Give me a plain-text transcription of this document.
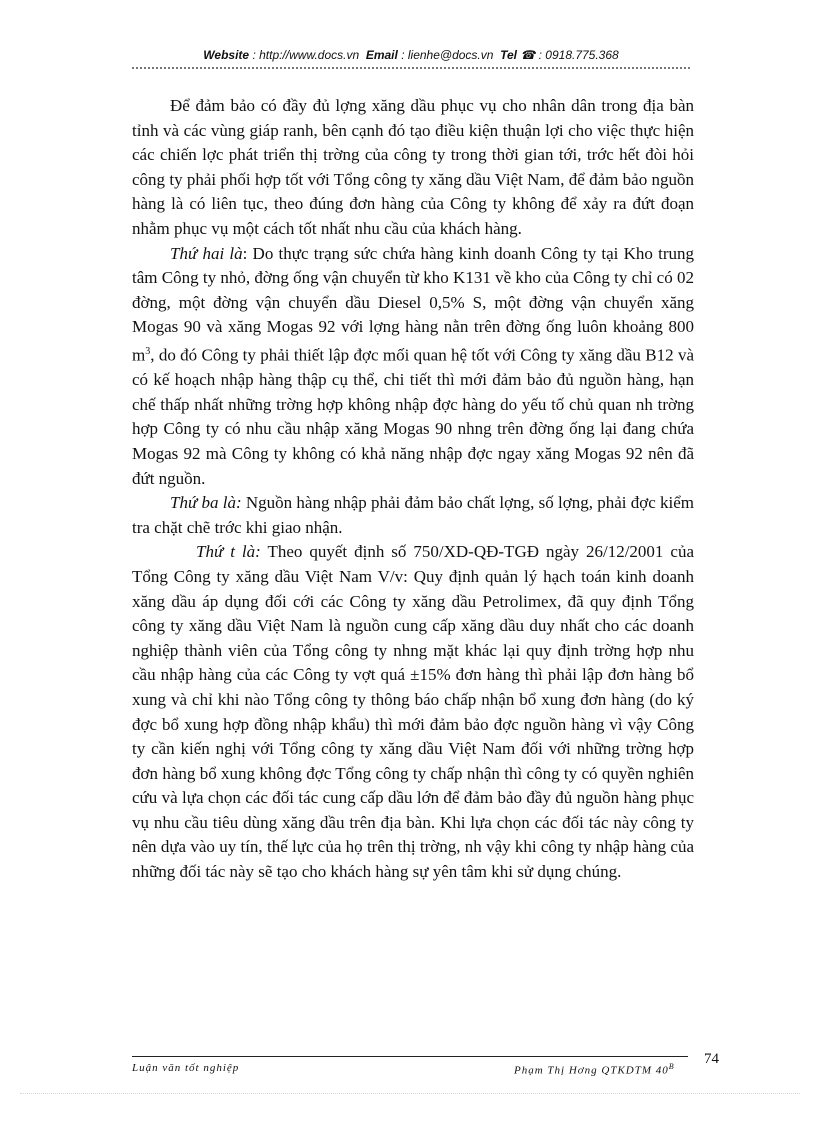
Website : http://www.docs.vn Email : lienhe@docs.vn Tel ☎ : 0918.775.368

Để đảm bảo có đầy đủ lợng xăng dầu phục vụ cho nhân dân trong địa bàn tỉnh và các vùng giáp ranh, bên cạnh đó tạo điều kiện thuận lợi cho việc thực hiện các chiến lợc phát triển thị trờng của công ty trong thời gian tới, trớc hết đòi hỏi công ty phải phối hợp tốt với Tổng công ty xăng dầu Việt Nam, để đảm bảo nguồn hàng là có liên tục, theo đúng đơn hàng của Công ty không để xảy ra đứt đoạn nhằm phục vụ một cách tốt nhất nhu cầu của khách hàng.

Thứ hai là: Do thực trạng sức chứa hàng kinh doanh Công ty tại Kho trung tâm Công ty nhỏ, đờng ống vận chuyển từ kho K131 về kho của Công ty chỉ có 02 đờng, một đờng vận chuyển dầu Diesel 0,5% S, một đờng vận chuyển xăng Mogas 90 và xăng Mogas 92 với lợng hàng nằn trên đờng ống luôn khoảng 800 $m^3$, do đó Công ty phải thiết lập đợc mối quan hệ tốt với Công ty xăng dầu B12 và có kế hoạch nhập hàng thập cụ thể, chi tiết thì mới đảm bảo đủ nguồn hàng, hạn chế thấp nhất những trờng hợp không nhập đợc hàng do yếu tố chủ quan nh trờng hợp Công ty có nhu cầu nhập xăng Mogas 90 nhng trên đờng ống lại đang chứa Mogas 92 mà Công ty không có khả năng nhập đợc ngay xăng Mogas 92 nên đã đứt nguồn.

Thứ ba là: Nguồn hàng nhập phải đảm bảo chất lợng, số lợng, phải đợc kiểm tra chặt chẽ trớc khi giao nhận.

Thứ t là: Theo quyết định số 750/XD-QĐ-TGĐ ngày 26/12/2001 của Tổng Công ty xăng dầu Việt Nam V/v: Quy định quản lý hạch toán kinh doanh xăng dầu áp dụng đối cới các Công ty xăng dầu Petrolimex, đã quy định Tổng công ty xăng dầu Việt Nam là nguồn cung cấp xăng dầu duy nhất cho các doanh nghiệp thành viên của Tổng công ty nhng mặt khác lại quy định trờng hợp nhu cầu nhập hàng của các Công ty vợt quá ±15% đơn hàng thì phải lập đơn hàng bổ xung và chỉ khi nào Tổng công ty thông báo chấp nhận bổ xung đơn hàng (do ký đợc bổ xung hợp đồng nhập khẩu) thì mới đảm bảo đợc nguồn hàng vì vậy Công ty cần kiến nghị với Tổng công ty xăng dầu Việt Nam đối với những trờng hợp đơn hàng bổ xung không đợc Tổng công ty chấp nhận thì công ty có quyền nghiên cứu và lựa chọn các đối tác cung cấp dầu lớn để đảm bảo đầy đủ nguồn hàng phục vụ nhu cầu tiêu dùng xăng dầu trên địa bàn. Khi lựa chọn các đối tác này công ty nên dựa vào uy tín, thế lực của họ trên thị trờng, nh vậy khi công ty nhập hàng của những đối tác này sẽ tạo cho khách hàng sự yên tâm khi sử dụng chúng.

74
Luận văn tốt nghiệp	Phạm Thị Hơng QTKDTM $40^B$
